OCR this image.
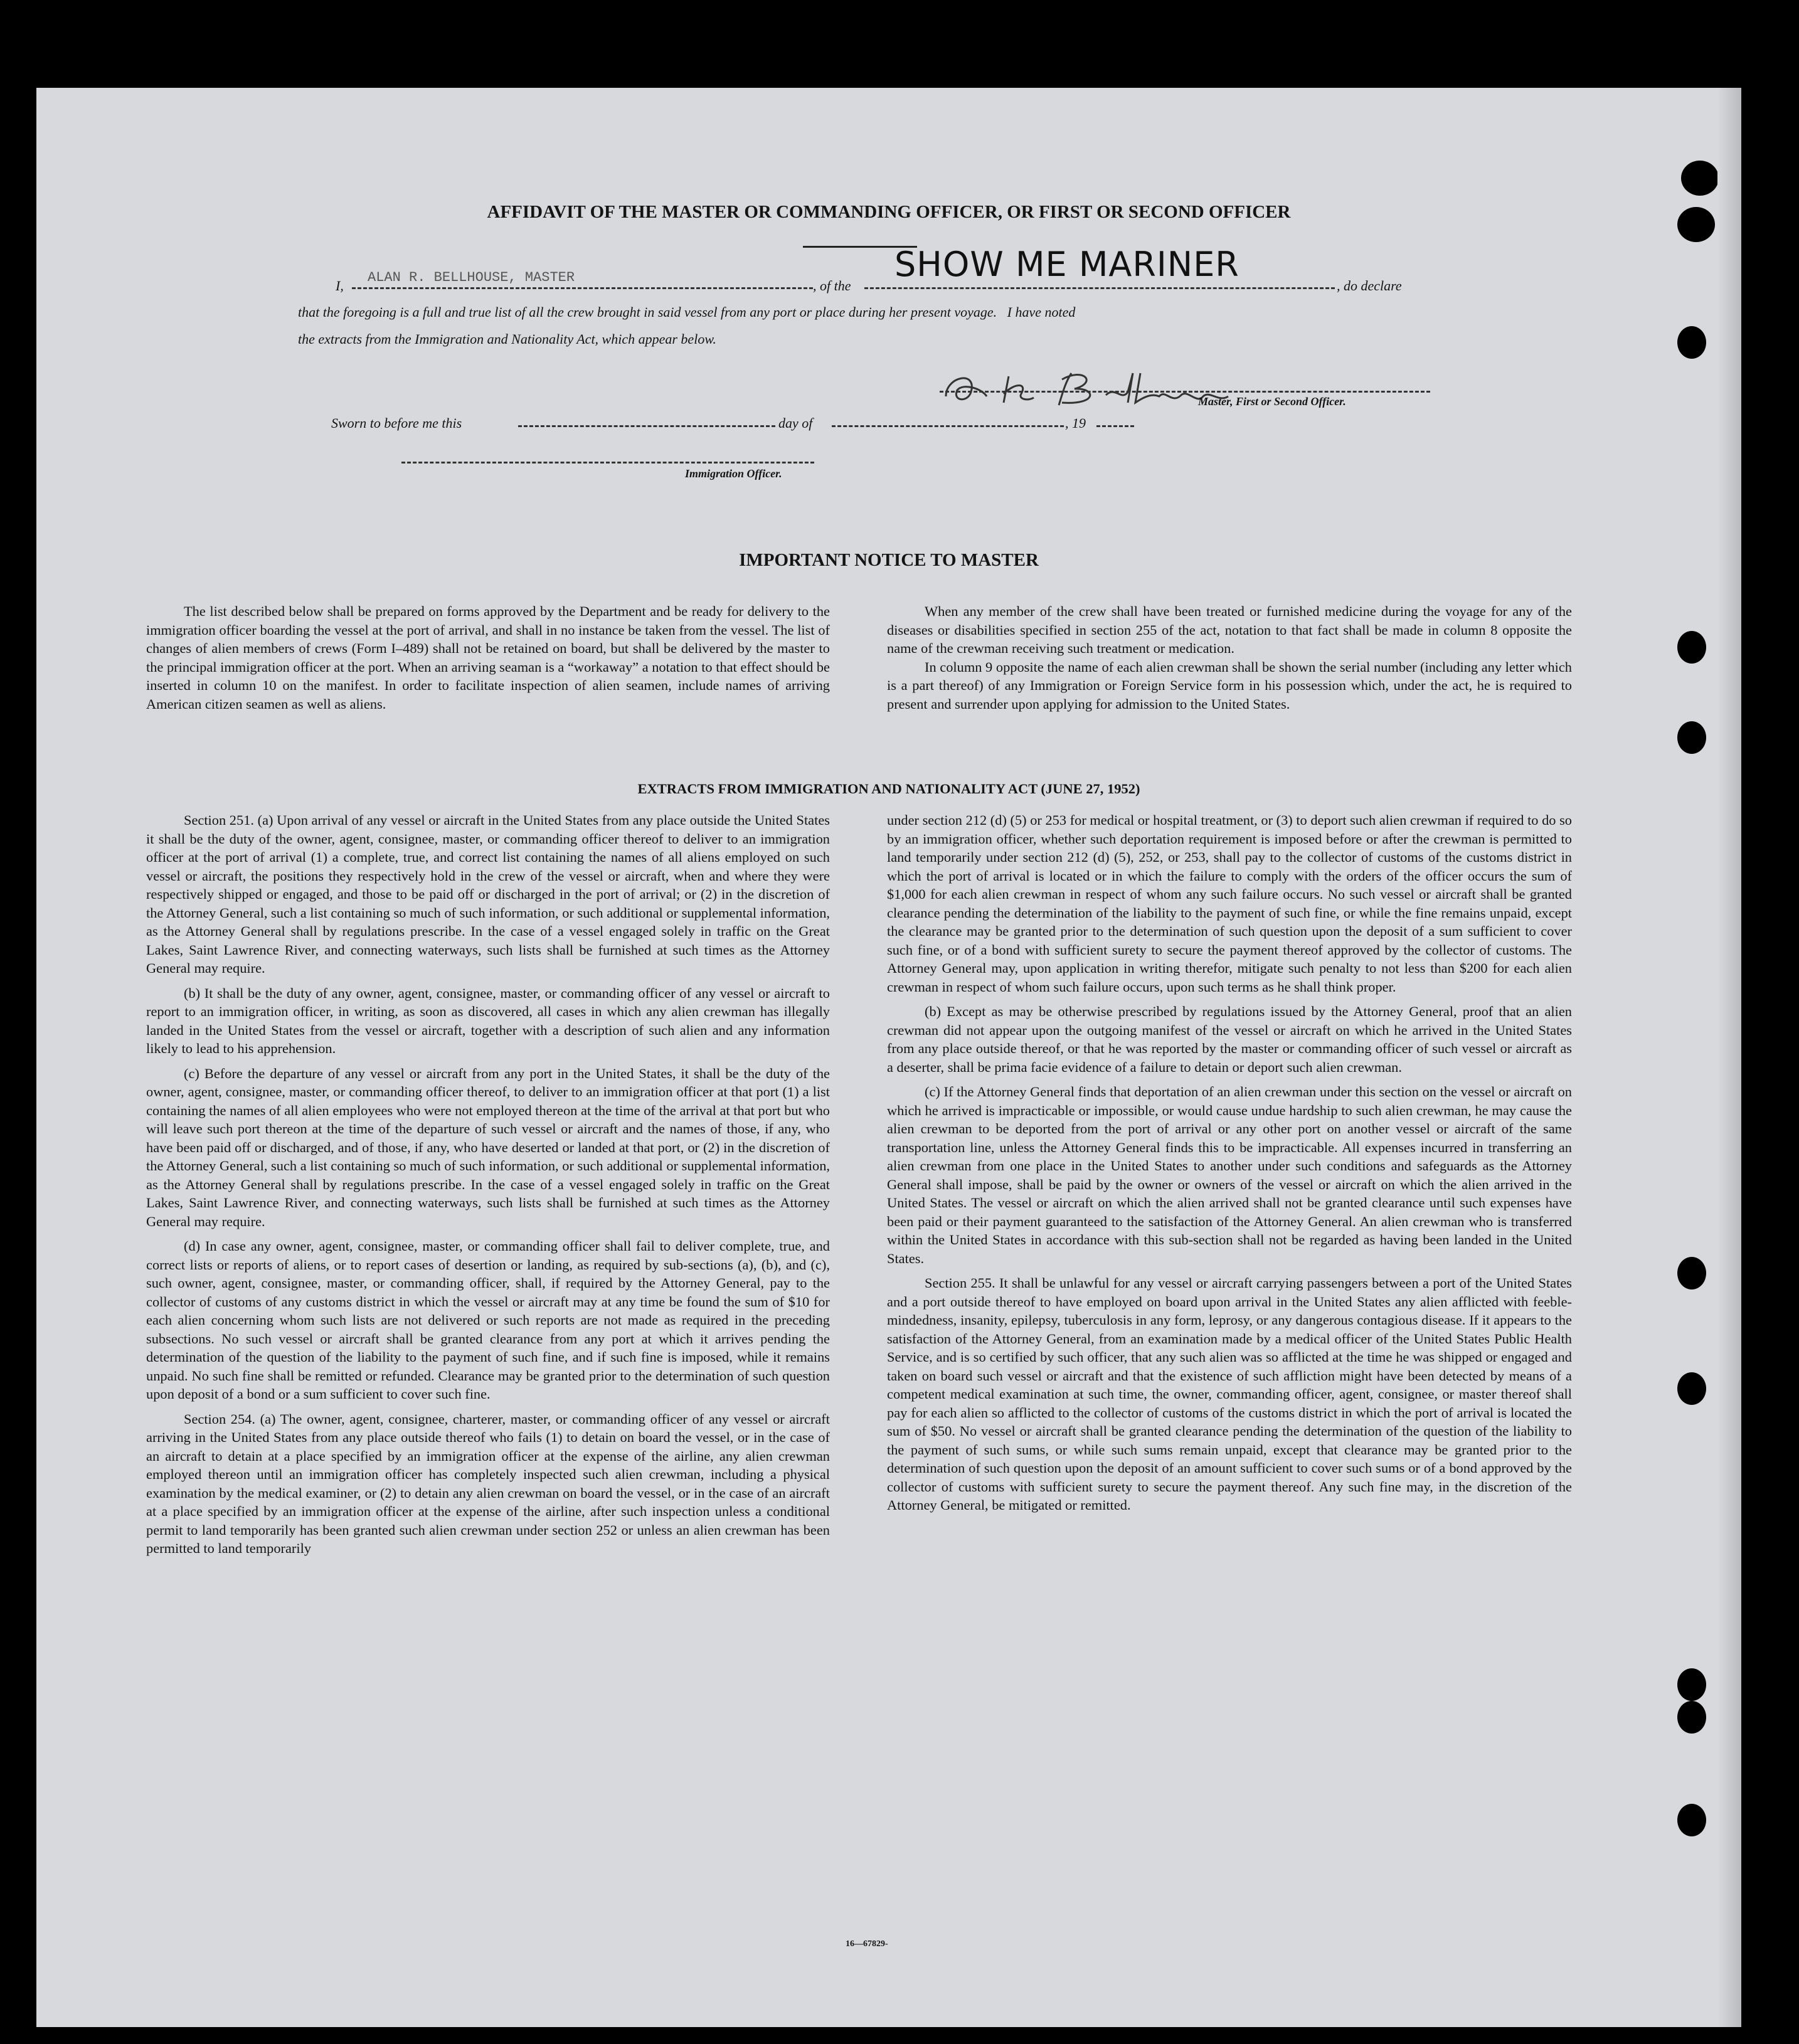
AFFIDAVIT OF THE MASTER OR COMMANDING OFFICER, OR FIRST OR SECOND OFFICER
I,
ALAN R. BELLHOUSE, MASTER
, of the
SHOW ME MARINER
, do declare
that the foregoing is a full and true list of all the crew brought in said vessel from any port or place during her present voyage.   I have noted
the extracts from the Immigration and Nationality Act, which appear below.
Master, First or Second Officer.
Sworn to before me this	day of	, 19
Immigration Officer.
IMPORTANT NOTICE TO MASTER

The list described below shall be prepared on forms approved by the Department and be ready for delivery to the immigration officer boarding the vessel at the port of arrival, and shall in no instance be taken from the vessel. The list of changes of alien members of crews (Form I–489) shall not be retained on board, but shall be delivered by the master to the principal immigration officer at the port. When an arriving seaman is a “workaway” a notation to that effect should be inserted in column 10 on the manifest. In order to facilitate inspection of alien seamen, include names of arriving American citizen seamen as well as aliens.

When any member of the crew shall have been treated or furnished medicine during the voyage for any of the diseases or disabilities specified in section 255 of the act, notation to that fact shall be made in column 8 opposite the name of the crewman receiving such treatment or medication.

In column 9 opposite the name of each alien crewman shall be shown the serial number (including any letter which is a part thereof) of any Immigration or Foreign Service form in his possession which, under the act, he is required to present and surrender upon applying for admission to the United States.

EXTRACTS FROM IMMIGRATION AND NATIONALITY ACT (JUNE 27, 1952)

Section 251. (a) Upon arrival of any vessel or aircraft in the United States from any place outside the United States it shall be the duty of the owner, agent, consignee, master, or commanding officer thereof to deliver to an immigration officer at the port of arrival (1) a complete, true, and correct list containing the names of all aliens employed on such vessel or aircraft, the positions they respectively hold in the crew of the vessel or aircraft, when and where they were respectively shipped or engaged, and those to be paid off or discharged in the port of arrival; or (2) in the discretion of the Attorney General, such a list containing so much of such information, or such additional or supplemental information, as the Attorney General shall by regulations prescribe. In the case of a vessel engaged solely in traffic on the Great Lakes, Saint Lawrence River, and connecting waterways, such lists shall be furnished at such times as the Attorney General may require.

(b) It shall be the duty of any owner, agent, consignee, master, or commanding officer of any vessel or aircraft to report to an immigration officer, in writing, as soon as discovered, all cases in which any alien crewman has illegally landed in the United States from the vessel or aircraft, together with a description of such alien and any information likely to lead to his apprehension.

(c) Before the departure of any vessel or aircraft from any port in the United States, it shall be the duty of the owner, agent, consignee, master, or commanding officer thereof, to deliver to an immigration officer at that port (1) a list containing the names of all alien employees who were not employed thereon at the time of the arrival at that port but who will leave such port thereon at the time of the departure of such vessel or aircraft and the names of those, if any, who have been paid off or discharged, and of those, if any, who have deserted or landed at that port, or (2) in the discretion of the Attorney General, such a list containing so much of such information, or such additional or supplemental information, as the Attorney General shall by regulations prescribe. In the case of a vessel engaged solely in traffic on the Great Lakes, Saint Lawrence River, and connecting waterways, such lists shall be furnished at such times as the Attorney General may require.

(d) In case any owner, agent, consignee, master, or commanding officer shall fail to deliver complete, true, and correct lists or reports of aliens, or to report cases of desertion or landing, as required by sub-sections (a), (b), and (c), such owner, agent, consignee, master, or commanding officer, shall, if required by the Attorney General, pay to the collector of customs of any customs district in which the vessel or aircraft may at any time be found the sum of $10 for each alien concerning whom such lists are not delivered or such reports are not made as required in the preceding subsections. No such vessel or aircraft shall be granted clearance from any port at which it arrives pending the determination of the question of the liability to the payment of such fine, and if such fine is imposed, while it remains unpaid. No such fine shall be remitted or refunded. Clearance may be granted prior to the determination of such question upon deposit of a bond or a sum sufficient to cover such fine.

Section 254. (a) The owner, agent, consignee, charterer, master, or commanding officer of any vessel or aircraft arriving in the United States from any place outside thereof who fails (1) to detain on board the vessel, or in the case of an aircraft to detain at a place specified by an immigration officer at the expense of the airline, any alien crewman employed thereon until an immigration officer has completely inspected such alien crewman, including a physical examination by the medical examiner, or (2) to detain any alien crewman on board the vessel, or in the case of an aircraft at a place specified by an immigration officer at the expense of the airline, after such inspection unless a conditional permit to land temporarily has been granted such alien crewman under section 252 or unless an alien crewman has been permitted to land temporarily

under section 212 (d) (5) or 253 for medical or hospital treatment, or (3) to deport such alien crewman if required to do so by an immigration officer, whether such deportation requirement is imposed before or after the crewman is permitted to land temporarily under section 212 (d) (5), 252, or 253, shall pay to the collector of customs of the customs district in which the port of arrival is located or in which the failure to comply with the orders of the officer occurs the sum of $1,000 for each alien crewman in respect of whom any such failure occurs. No such vessel or aircraft shall be granted clearance pending the determination of the liability to the payment of such fine, or while the fine remains unpaid, except the clearance may be granted prior to the determination of such question upon the deposit of a sum sufficient to cover such fine, or of a bond with sufficient surety to secure the payment thereof approved by the collector of customs. The Attorney General may, upon application in writing therefor, mitigate such penalty to not less than $200 for each alien crewman in respect of whom such failure occurs, upon such terms as he shall think proper.

(b) Except as may be otherwise prescribed by regulations issued by the Attorney General, proof that an alien crewman did not appear upon the outgoing manifest of the vessel or aircraft on which he arrived in the United States from any place outside thereof, or that he was reported by the master or commanding officer of such vessel or aircraft as a deserter, shall be prima facie evidence of a failure to detain or deport such alien crewman.

(c) If the Attorney General finds that deportation of an alien crewman under this section on the vessel or aircraft on which he arrived is impracticable or impossible, or would cause undue hardship to such alien crewman, he may cause the alien crewman to be deported from the port of arrival or any other port on another vessel or aircraft of the same transportation line, unless the Attorney General finds this to be impracticable. All expenses incurred in transferring an alien crewman from one place in the United States to another under such conditions and safeguards as the Attorney General shall impose, shall be paid by the owner or owners of the vessel or aircraft on which the alien arrived in the United States. The vessel or aircraft on which the alien arrived shall not be granted clearance until such expenses have been paid or their payment guaranteed to the satisfaction of the Attorney General. An alien crewman who is transferred within the United States in accordance with this sub-section shall not be regarded as having been landed in the United States.

Section 255. It shall be unlawful for any vessel or aircraft carrying passengers between a port of the United States and a port outside thereof to have employed on board upon arrival in the United States any alien afflicted with feeble-mindedness, insanity, epilepsy, tuberculosis in any form, leprosy, or any dangerous contagious disease. If it appears to the satisfaction of the Attorney General, from an examination made by a medical officer of the United States Public Health Service, and is so certified by such officer, that any such alien was so afflicted at the time he was shipped or engaged and taken on board such vessel or aircraft and that the existence of such affliction might have been detected by means of a competent medical examination at such time, the owner, commanding officer, agent, consignee, or master thereof shall pay for each alien so afflicted to the collector of customs of the customs district in which the port of arrival is located the sum of $50. No vessel or aircraft shall be granted clearance pending the determination of the question of the liability to the payment of such sums, or while such sums remain unpaid, except that clearance may be granted prior to the determination of such question upon the deposit of an amount sufficient to cover such sums or of a bond approved by the collector of customs with sufficient surety to secure the payment thereof. Any such fine may, in the discretion of the Attorney General, be mitigated or remitted.

16—67829-
